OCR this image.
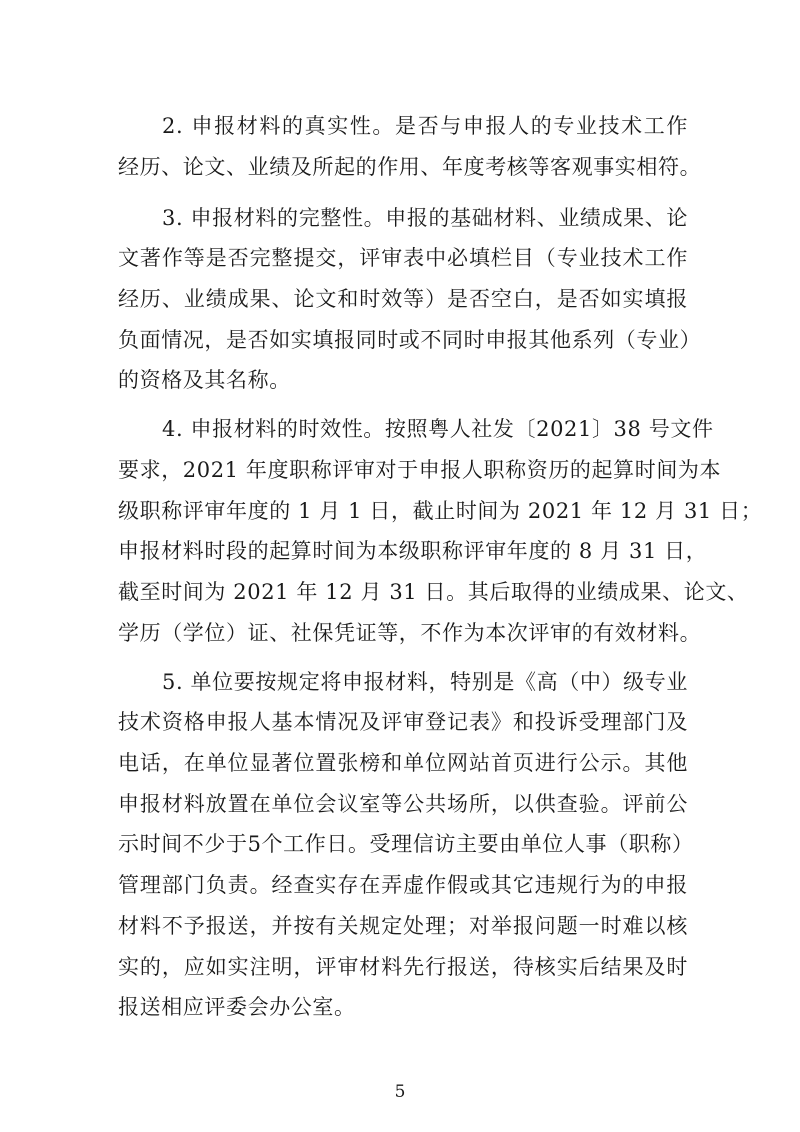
2. 申报材料的真实性。是否与申报人的专业技术工作
经历、论文、业绩及所起的作用、年度考核等客观事实相符。
3. 申报材料的完整性。申报的基础材料、业绩成果、论
文著作等是否完整提交，评审表中必填栏目（专业技术工作
经历、业绩成果、论文和时效等）是否空白，是否如实填报
负面情况，是否如实填报同时或不同时申报其他系列（专业）
的资格及其名称。
4. 申报材料的时效性。按照粤人社发〔2021〕38 号文件
要求，2021 年度职称评审对于申报人职称资历的起算时间为本
级职称评审年度的 1 月 1 日，截止时间为 2021 年 12 月 31 日；
申报材料时段的起算时间为本级职称评审年度的 8 月 31 日，
截至时间为 2021 年 12 月 31 日。其后取得的业绩成果、论文、
学历（学位）证、社保凭证等，不作为本次评审的有效材料。
5. 单位要按规定将申报材料，特别是《高（中）级专业
技术资格申报人基本情况及评审登记表》和投诉受理部门及
电话，在单位显著位置张榜和单位网站首页进行公示。其他
申报材料放置在单位会议室等公共场所，以供查验。评前公
示时间不少于5个工作日。受理信访主要由单位人事（职称）
管理部门负责。经查实存在弄虚作假或其它违规行为的申报
材料不予报送，并按有关规定处理；对举报问题一时难以核
实的，应如实注明，评审材料先行报送，待核实后结果及时
报送相应评委会办公室。
5
